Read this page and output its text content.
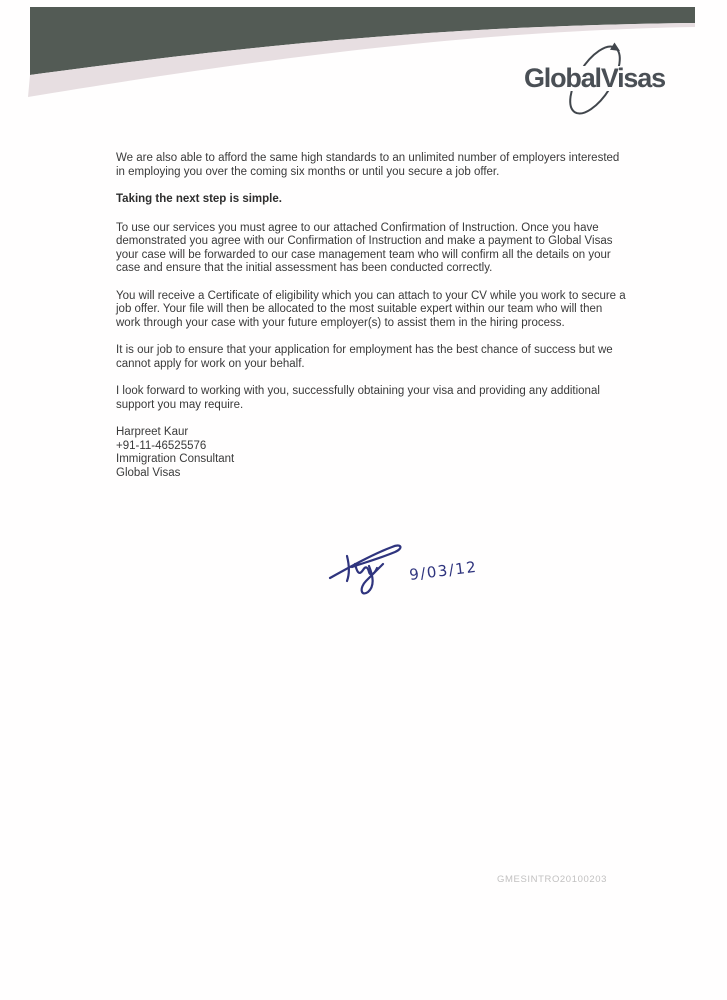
GlobalVisas

We are also able to afford the same high standards to an unlimited number of employers interested in employing you over the coming six months or until you secure a job offer.

Taking the next step is simple.

To use our services you must agree to our attached Confirmation of Instruction. Once you have demonstrated you agree with our Confirmation of Instruction and make a payment to Global Visas your case will be forwarded to our case management team who will confirm all the details on your case and ensure that the initial assessment has been conducted correctly.

You will receive a Certificate of eligibility which you can attach to your CV while you work to secure a job offer. Your file will then be allocated to the most suitable expert within our team who will then work through your case with your future employer(s) to assist them in the hiring process.

It is our job to ensure that your application for employment has the best chance of success but we cannot apply for work on your behalf.

I look forward to working with you, successfully obtaining your visa and providing any additional support you may require.

Harpreet Kaur
+91-11-46525576
Immigration Consultant
Global Visas
9/03/12
GMESINTRO20100203
